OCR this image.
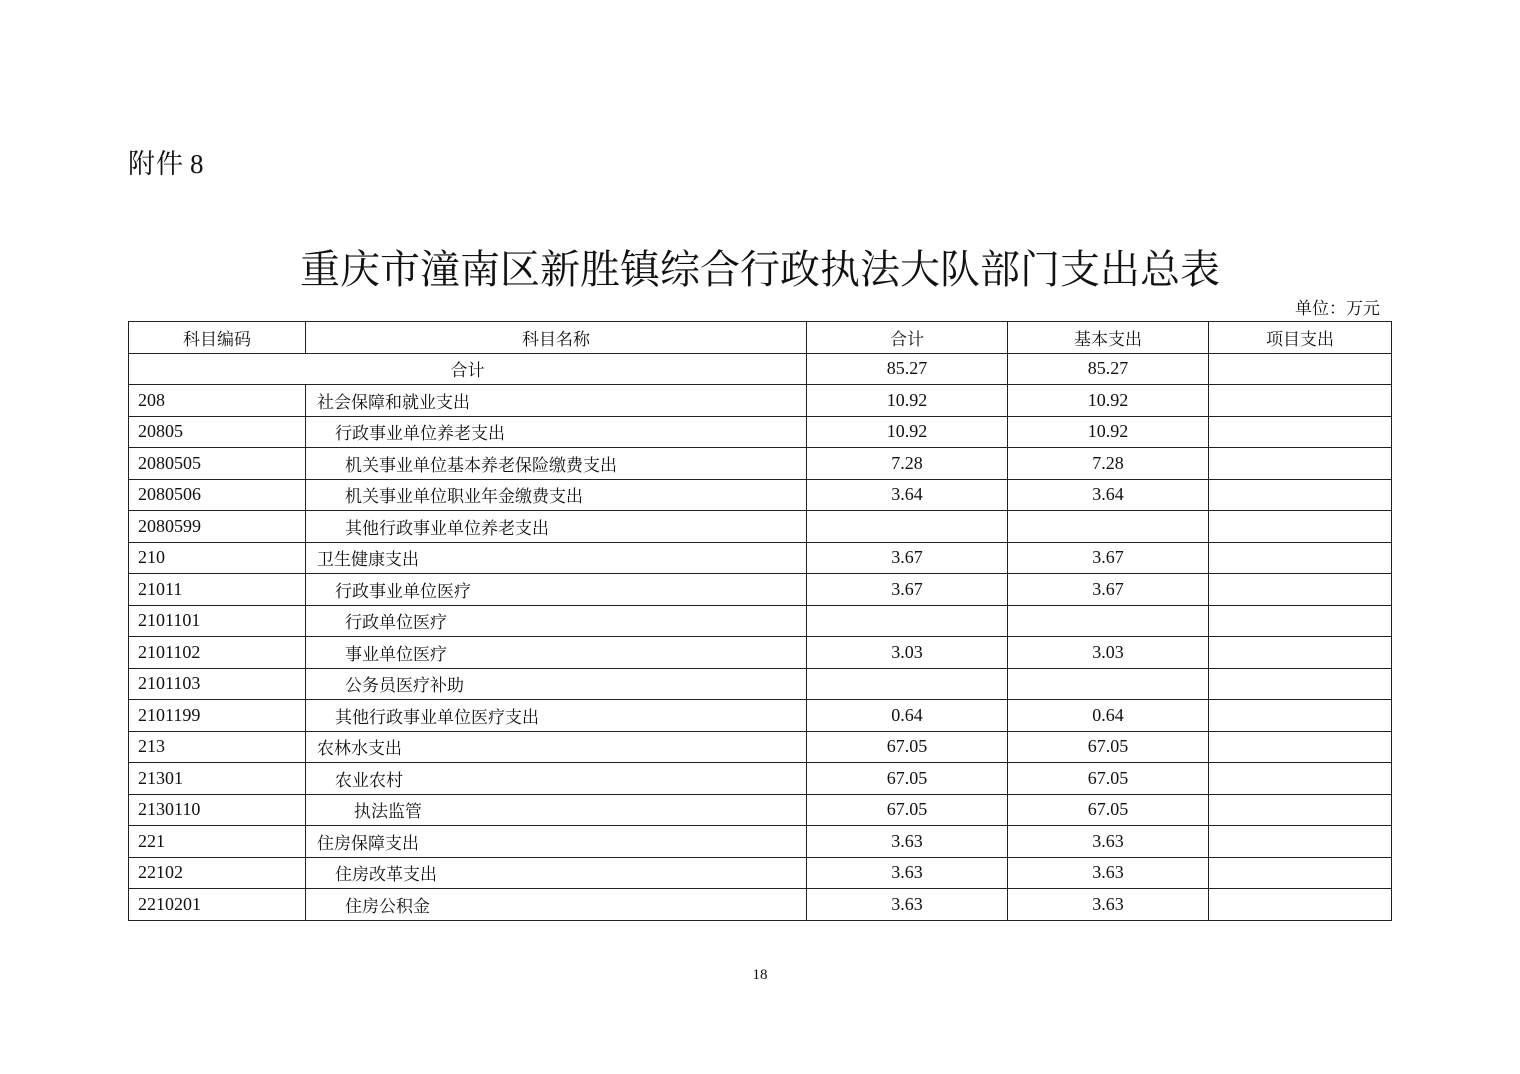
附件 8
重庆市潼南区新胜镇综合行政执法大队部门支出总表
单位：万元
科目编码	科目名称	合计	基本支出	项目支出
合计		85.27	85.27	
208	社会保障和就业支出	10.92	10.92	
20805	行政事业单位养老支出	10.92	10.92	
2080505	机关事业单位基本养老保险缴费支出	7.28	7.28	
2080506	机关事业单位职业年金缴费支出	3.64	3.64	
2080599	其他行政事业单位养老支出			
210	卫生健康支出	3.67	3.67	
21011	行政事业单位医疗	3.67	3.67	
2101101	行政单位医疗			
2101102	事业单位医疗	3.03	3.03	
2101103	公务员医疗补助			
2101199	其他行政事业单位医疗支出	0.64	0.64	
213	农林水支出	67.05	67.05	
21301	农业农村	67.05	67.05	
2130110	执法监管	67.05	67.05	
221	住房保障支出	3.63	3.63	
22102	住房改革支出	3.63	3.63	
2210201	住房公积金	3.63	3.63	
18
